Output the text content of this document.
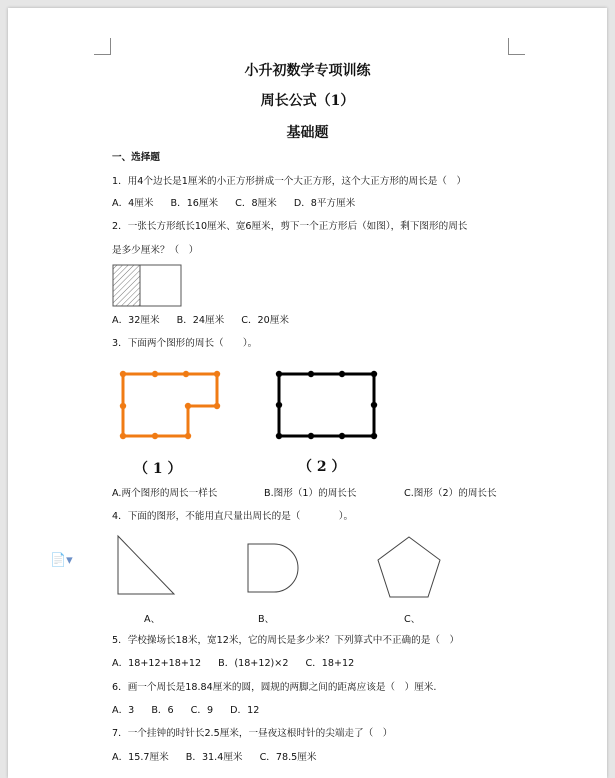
小升初数学专项训练
周长公式（1）
基础题
一、选择题
1．用4个边长是1厘米的小正方形拼成一个大正方形，这个大正方形的周长是（　）
A．4厘米 B．16厘米 C．8厘米 D．8平方厘米
2．一张长方形纸长10厘米、宽6厘米，剪下一个正方形后（如图），剩下图形的周长
是多少厘米？（　）
A．32厘米 B．24厘米 C．20厘米
3．下面两个图形的周长（　　）。
（ 1 ）	（ 2 ）
A.两个图形的周长一样长	B.图形（1）的周长长	C.图形（2）的周长长
4．下面的图形，不能用直尺量出周长的是（　　　　）。
A、	B、	C、
5．学校操场长18米，宽12米，它的周长是多少米？下列算式中不正确的是（　）
A．18+12+18+12 B．(18+12)×2 C．18+12
6．画一个周长是18.84厘米的圆，圆规的两脚之间的距离应该是（　）厘米.
A．3 B．6 C．9 D．12
7．一个挂钟的时针长2.5厘米，一昼夜这根时针的尖端走了（　）
A．15.7厘米 B．31.4厘米 C．78.5厘米
📄▾
